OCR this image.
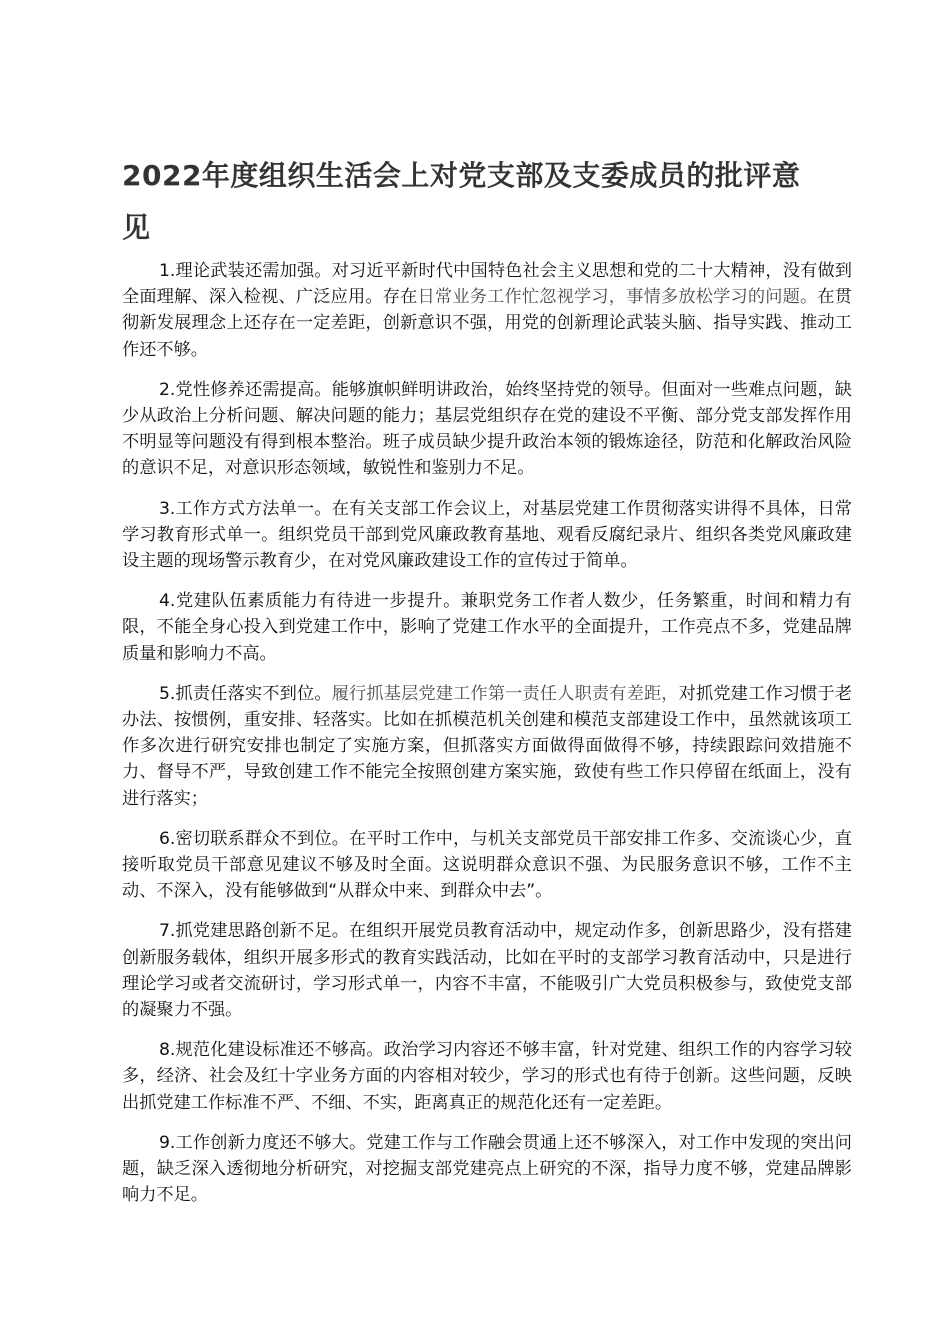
2022年度组织生活会上对党支部及支委成员的批评意见

1.理论武装还需加强。对习近平新时代中国特色社会主义思想和党的二十大精神，没有做到全面理解、深入检视、广泛应用。存在日常业务工作忙忽视学习，事情多放松学习的问题。在贯彻新发展理念上还存在一定差距，创新意识不强，用党的创新理论武装头脑、指导实践、推动工作还不够。

2.党性修养还需提高。能够旗帜鲜明讲政治，始终坚持党的领导。但面对一些难点问题，缺少从政治上分析问题、解决问题的能力；基层党组织存在党的建设不平衡、部分党支部发挥作用不明显等问题没有得到根本整治。班子成员缺少提升政治本领的锻炼途径，防范和化解政治风险的意识不足，对意识形态领域，敏锐性和鉴别力不足。

3.工作方式方法单一。在有关支部工作会议上，对基层党建工作贯彻落实讲得不具体，日常学习教育形式单一。组织党员干部到党风廉政教育基地、观看反腐纪录片、组织各类党风廉政建设主题的现场警示教育少，在对党风廉政建设工作的宣传过于简单。

4.党建队伍素质能力有待进一步提升。兼职党务工作者人数少，任务繁重，时间和精力有限，不能全身心投入到党建工作中，影响了党建工作水平的全面提升，工作亮点不多，党建品牌质量和影响力不高。

5.抓责任落实不到位。履行抓基层党建工作第一责任人职责有差距，对抓党建工作习惯于老办法、按惯例，重安排、轻落实。比如在抓模范机关创建和模范支部建设工作中，虽然就该项工作多次进行研究安排也制定了实施方案，但抓落实方面做得面做得不够，持续跟踪问效措施不力、督导不严，导致创建工作不能完全按照创建方案实施，致使有些工作只停留在纸面上，没有进行落实；

6.密切联系群众不到位。在平时工作中，与机关支部党员干部安排工作多、交流谈心少，直接听取党员干部意见建议不够及时全面。这说明群众意识不强、为民服务意识不够，工作不主动、不深入，没有能够做到“从群众中来、到群众中去”。

7.抓党建思路创新不足。在组织开展党员教育活动中，规定动作多，创新思路少，没有搭建创新服务载体，组织开展多形式的教育实践活动，比如在平时的支部学习教育活动中，只是进行理论学习或者交流研讨，学习形式单一，内容不丰富，不能吸引广大党员积极参与，致使党支部的凝聚力不强。

8.规范化建设标准还不够高。政治学习内容还不够丰富，针对党建、组织工作的内容学习较多，经济、社会及红十字业务方面的内容相对较少，学习的形式也有待于创新。这些问题，反映出抓党建工作标准不严、不细、不实，距离真正的规范化还有一定差距。

9.工作创新力度还不够大。党建工作与工作融会贯通上还不够深入，对工作中发现的突出问题，缺乏深入透彻地分析研究，对挖掘支部党建亮点上研究的不深，指导力度不够，党建品牌影响力不足。
